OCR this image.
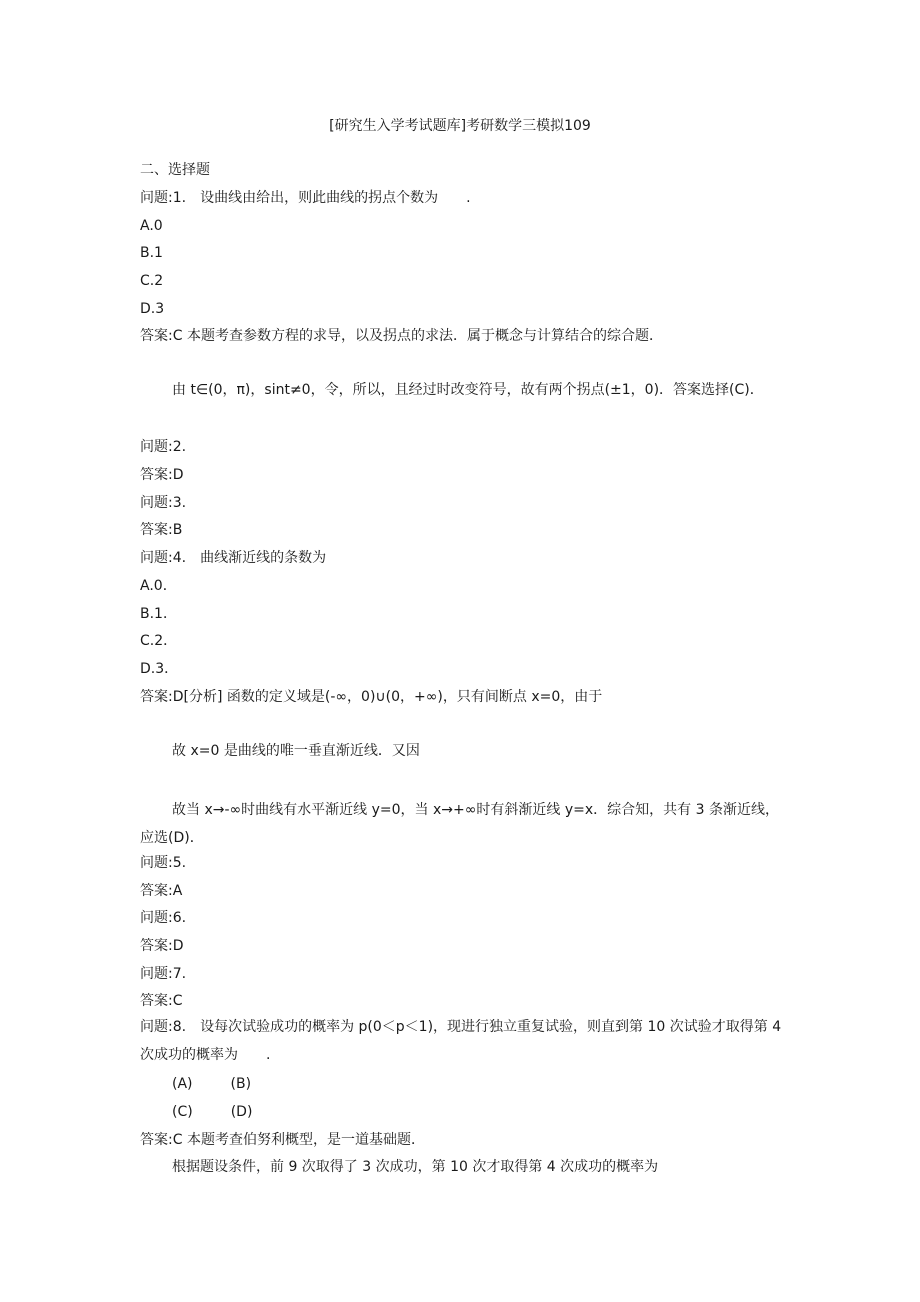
[研究生入学考试题库]考研数学三模拟109
二、选择题
问题:1.　设曲线由给出，则此曲线的拐点个数为　　.
A.0
B.1
C.2
D.3
答案:C 本题考查参数方程的求导，以及拐点的求法．属于概念与计算结合的综合题．
由 t∈(0，π)，sint≠0，令，所以，且经过时改变符号，故有两个拐点(±1，0)．答案选择(C)．
问题:2.
答案:D
问题:3.
答案:B
问题:4.　曲线渐近线的条数为
A.0．
B.1．
C.2．
D.3．
答案:D[分析] 函数的定义域是(-∞，0)∪(0，+∞)，只有间断点 x=0，由于
故 x=0 是曲线的唯一垂直渐近线．又因
故当 x→-∞时曲线有水平渐近线 y=0，当 x→+∞时有斜渐近线 y=x．综合知，共有 3 条渐近线，应选(D)．
问题:5.
答案:A
问题:6.
答案:D
问题:7.
答案:C
问题:8.　设每次试验成功的概率为 p(0＜p＜1)，现进行独立重复试验，则直到第 10 次试验才取得第 4 次成功的概率为　　.
(A)	(B)
(C)	(D)
答案:C 本题考查伯努利概型，是一道基础题．
根据题设条件，前 9 次取得了 3 次成功，第 10 次才取得第 4 次成功的概率为
